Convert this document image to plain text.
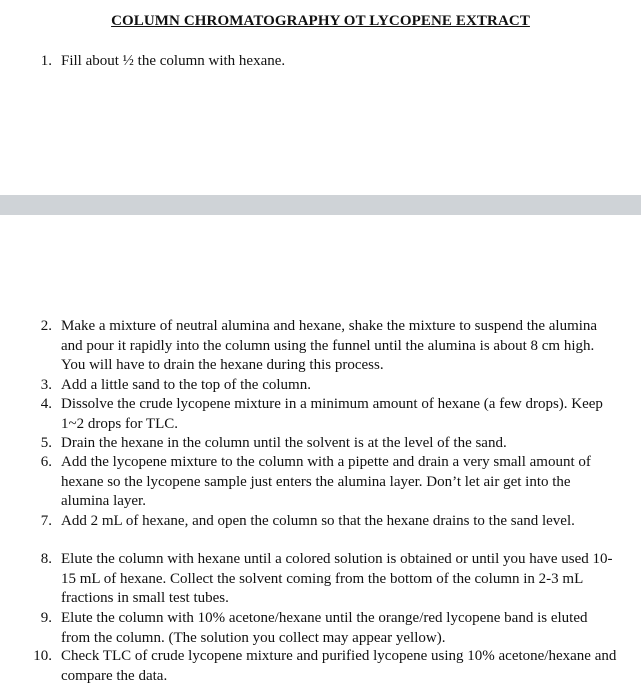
COLUMN CHROMATOGRAPHY OT LYCOPENE EXTRACT
1. Fill about ½ the column with hexane.
2. Make a mixture of neutral alumina and hexane, shake the mixture to suspend the alumina and pour it rapidly into the column using the funnel until the alumina is about 8 cm high. You will have to drain the hexane during this process.
3. Add a little sand to the top of the column.
4. Dissolve the crude lycopene mixture in a minimum amount of hexane (a few drops). Keep 1~2 drops for TLC.
5. Drain the hexane in the column until the solvent is at the level of the sand.
6. Add the lycopene mixture to the column with a pipette and drain a very small amount of hexane so the lycopene sample just enters the alumina layer. Don’t let air get into the alumina layer.
7. Add 2 mL of hexane, and open the column so that the hexane drains to the sand level.
8. Elute the column with hexane until a colored solution is obtained or until you have used 10-15 mL of hexane. Collect the solvent coming from the bottom of the column in 2-3 mL fractions in small test tubes.
9. Elute the column with 10% acetone/hexane until the orange/red lycopene band is eluted from the column. (The solution you collect may appear yellow).
10. Check TLC of crude lycopene mixture and purified lycopene using 10% acetone/hexane and compare the data.
